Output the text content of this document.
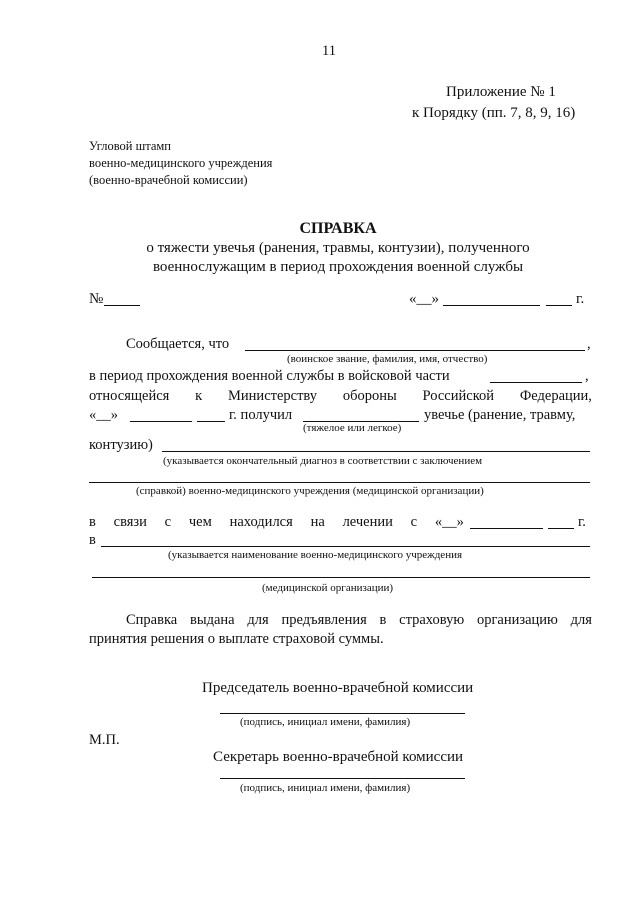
11
Приложение № 1
к Порядку (пп. 7, 8, 9, 16)
Угловой штамп
военно-медицинского учреждения
(военно-врачебной комиссии)
СПРАВКА
о тяжести увечья (ранения, травмы, контузии), полученного
военнослужащим в период прохождения военной службы
№	«__»	г.
Сообщается, что	,
(воинское звание, фамилия, имя, отчество)
в период прохождения военной службы в войсковой части	,
относящейся к Министерству обороны Российской Федерации,
«__»	г. получил	увечье (ранение, травму,
(тяжелое или легкое)
контузию)
(указывается окончательный диагноз в соответствии с заключением
(справкой) военно-медицинского учреждения (медицинской организации)
в связи с чем находился на лечении с «__»	г.
в
(указывается наименование военно-медицинского учреждения
(медицинской организации)
Справка выдана для предъявления в страховую организацию для
принятия решения о выплате страховой суммы.
Председатель военно-врачебной комиссии
(подпись, инициал имени, фамилия)
М.П.
Секретарь военно-врачебной комиссии
(подпись, инициал имени, фамилия)
